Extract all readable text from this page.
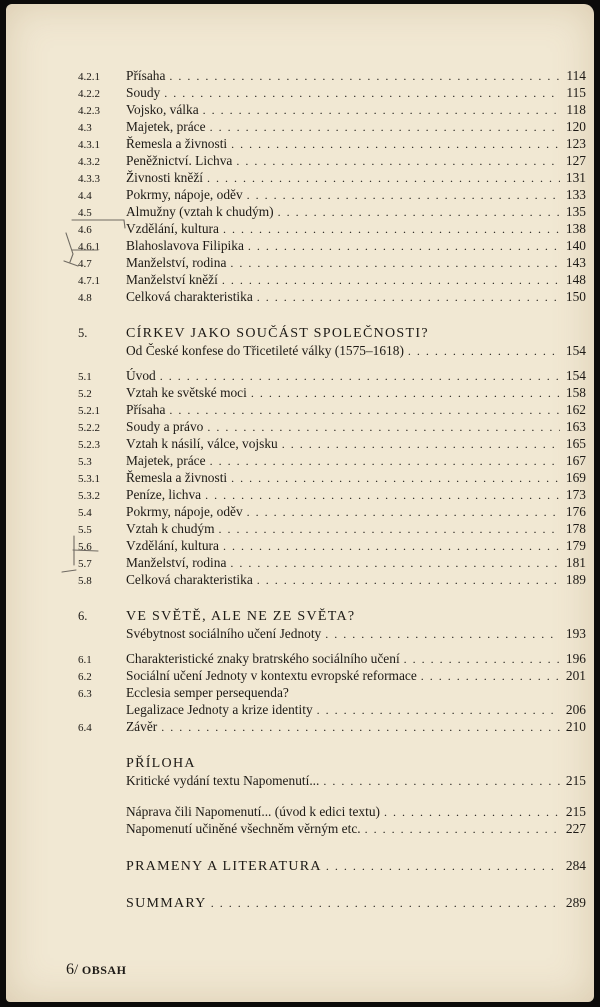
4.2.1	Přísaha . . .	114
4.2.2	Soudy . . .	115
4.2.3	Vojsko, válka . . .	118
4.3	Majetek, práce . . .	120
4.3.1	Řemesla a živnosti . . .	123
4.3.2	Peněžnictví. Lichva . . .	127
4.3.3	Živnosti kněží . . .	131
4.4	Pokrmy, nápoje, oděv . . .	133
4.5	Almužny (vztah k chudým) . . .	135
4.6	Vzdělání, kultura . . .	138
4.6.1	Blahoslavova Filipika . . .	140
4.7	Manželství, rodina . . .	143
4.7.1	Manželství kněží . . .	148
4.8	Celková charakteristika . . .	150
5.	CÍRKEV JAKO SOUČÁST SPOLEČNOSTI?
Od České konfese do Třicetileté války (1575–1618) . . .	154
5.1	Úvod . . .	154
5.2	Vztah ke světské moci . . .	158
5.2.1	Přísaha . . .	162
5.2.2	Soudy a právo . . .	163
5.2.3	Vztah k násilí, válce, vojsku . . .	165
5.3	Majetek, práce . . .	167
5.3.1	Řemesla a živnosti . . .	169
5.3.2	Peníze, lichva . . .	173
5.4	Pokrmy, nápoje, oděv . . .	176
5.5	Vztah k chudým . . .	178
5.6	Vzdělání, kultura . . .	179
5.7	Manželství, rodina . . .	181
5.8	Celková charakteristika . . .	189
6.	VE SVĚTĚ, ALE NE ZE SVĚTA?
Svébytnost sociálního učení Jednoty . . .	193
6.1	Charakteristické znaky bratrského sociálního učení . . .	196
6.2	Sociální učení Jednoty v kontextu evropské reformace . . .	201
6.3	Ecclesia semper persequenda?
Legalizace Jednoty a krize identity . . .	206
6.4	Závěr . . .	210
PŘÍLOHA
Kritické vydání textu Napomenutí... . . .	215
Náprava čili Napomenutí... (úvod k edici textu) . . .	215
Napomenutí učiněné všechněm věrným etc. . . .	227
PRAMENY A LITERATURA . . .	284
SUMMARY . . .	289
6/ OBSAH
